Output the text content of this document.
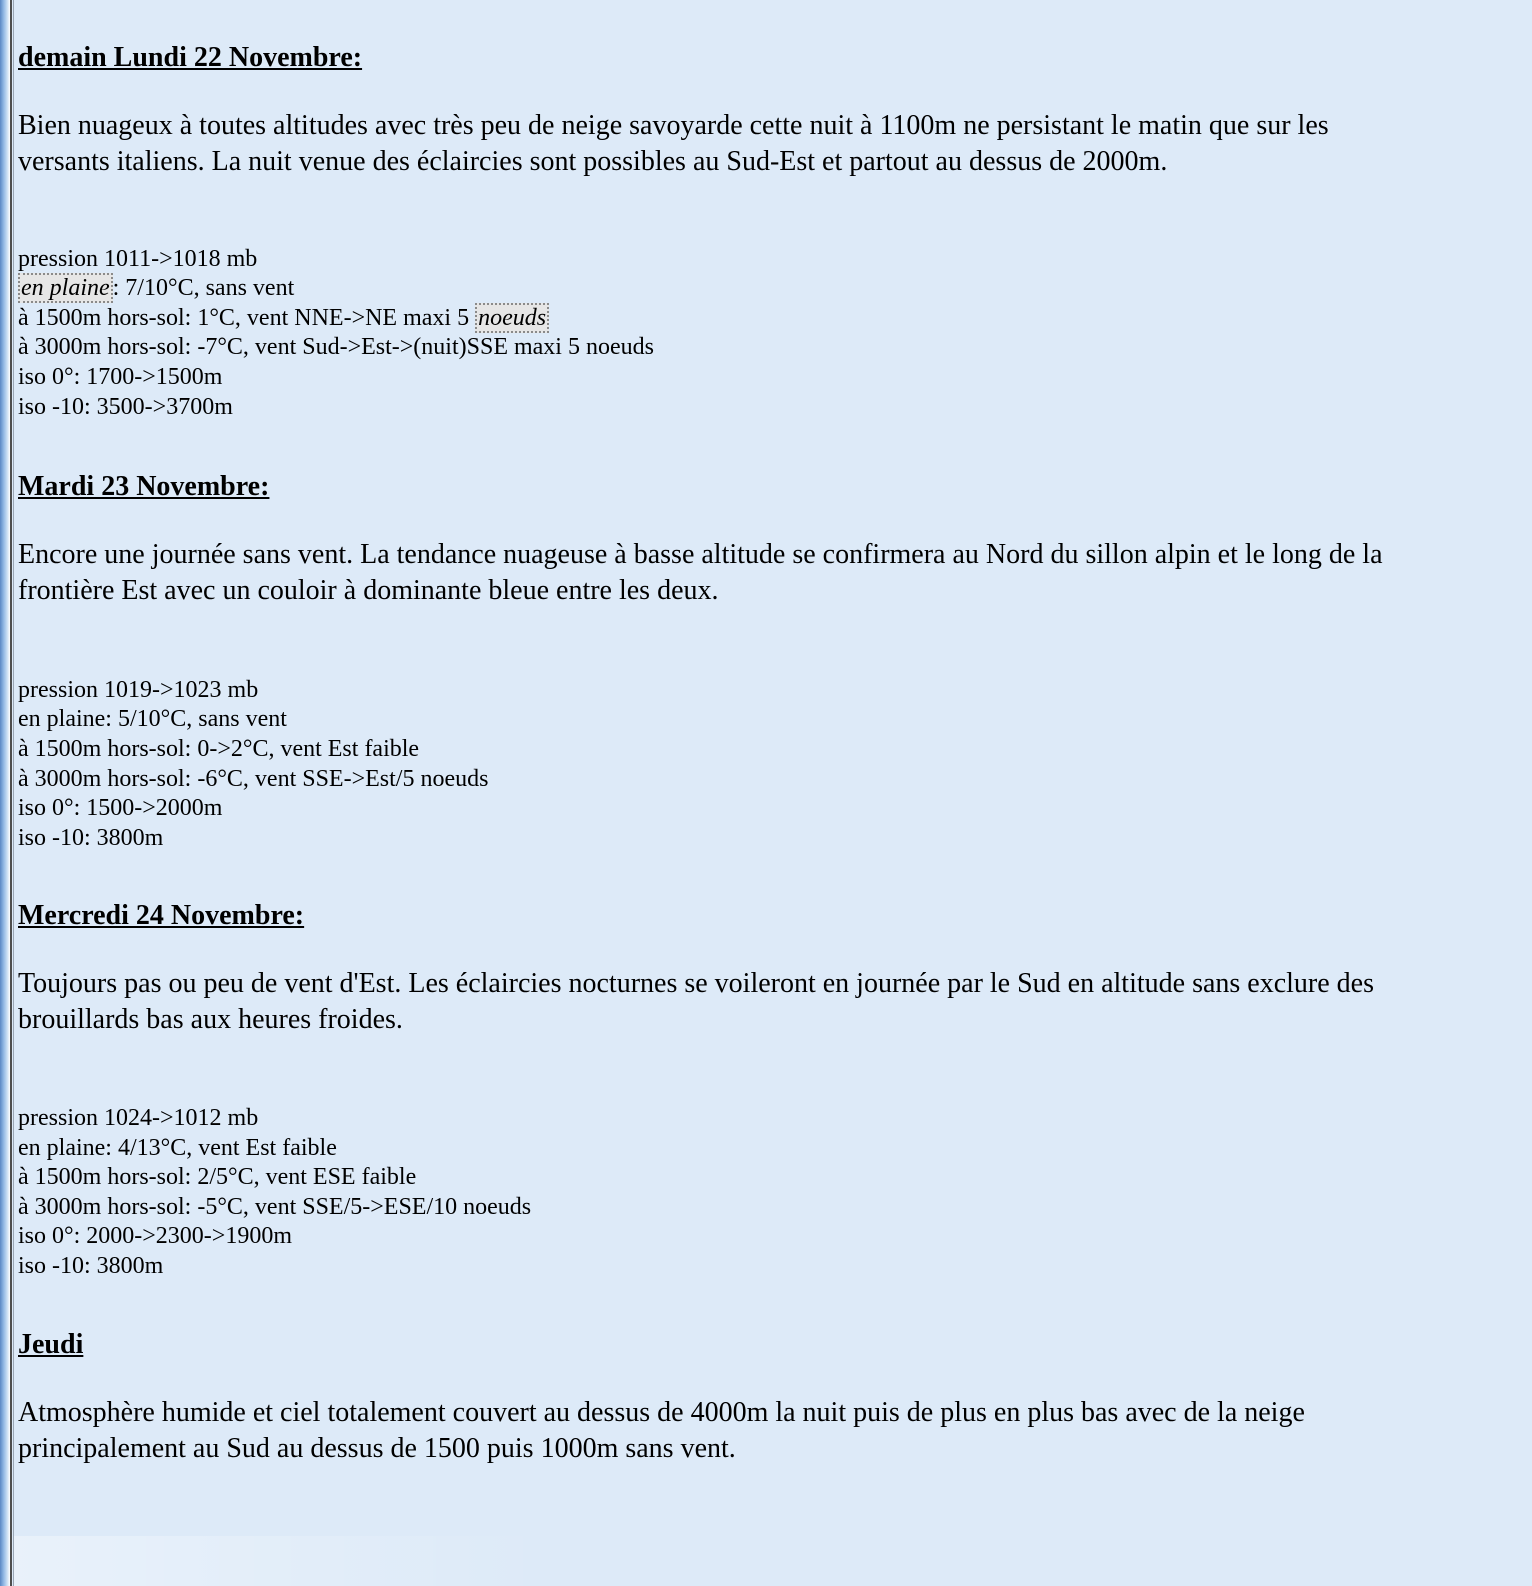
demain Lundi 22 Novembre:

Bien nuageux à toutes altitudes avec très peu de neige savoyarde cette nuit à 1100m ne persistant le matin que sur les
versants italiens. La nuit venue des éclaircies sont possibles au Sud-Est et partout au dessus de 2000m.

pression 1011->1018 mb
en plaine : 7/10°C, sans vent
à 1500m hors-sol: 1°C, vent NNE->NE maxi 5 noeuds
à 3000m hors-sol: -7°C, vent Sud->Est->(nuit)SSE maxi 5 noeuds
iso 0°: 1700->1500m
iso -10: 3500->3700m
Mardi 23 Novembre:

Encore une journée sans vent. La tendance nuageuse à basse altitude se confirmera au Nord du sillon alpin et le long de la
frontière Est avec un couloir à dominante bleue entre les deux.

pression 1019->1023 mb
en plaine: 5/10°C, sans vent
à 1500m hors-sol: 0->2°C, vent Est faible
à 3000m hors-sol: -6°C, vent SSE->Est/5 noeuds
iso 0°: 1500->2000m
iso -10: 3800m
Mercredi 24 Novembre:

Toujours pas ou peu de vent d'Est. Les éclaircies nocturnes se voileront en journée par le Sud en altitude sans exclure des
brouillards bas aux heures froides.

pression 1024->1012 mb
en plaine: 4/13°C, vent Est faible
à 1500m hors-sol: 2/5°C, vent ESE faible
à 3000m hors-sol: -5°C, vent SSE/5->ESE/10 noeuds
iso 0°: 2000->2300->1900m
iso -10: 3800m
Jeudi

Atmosphère humide et ciel totalement couvert au dessus de 4000m la nuit puis de plus en plus bas avec de la neige
principalement au Sud au dessus de 1500 puis 1000m sans vent.
